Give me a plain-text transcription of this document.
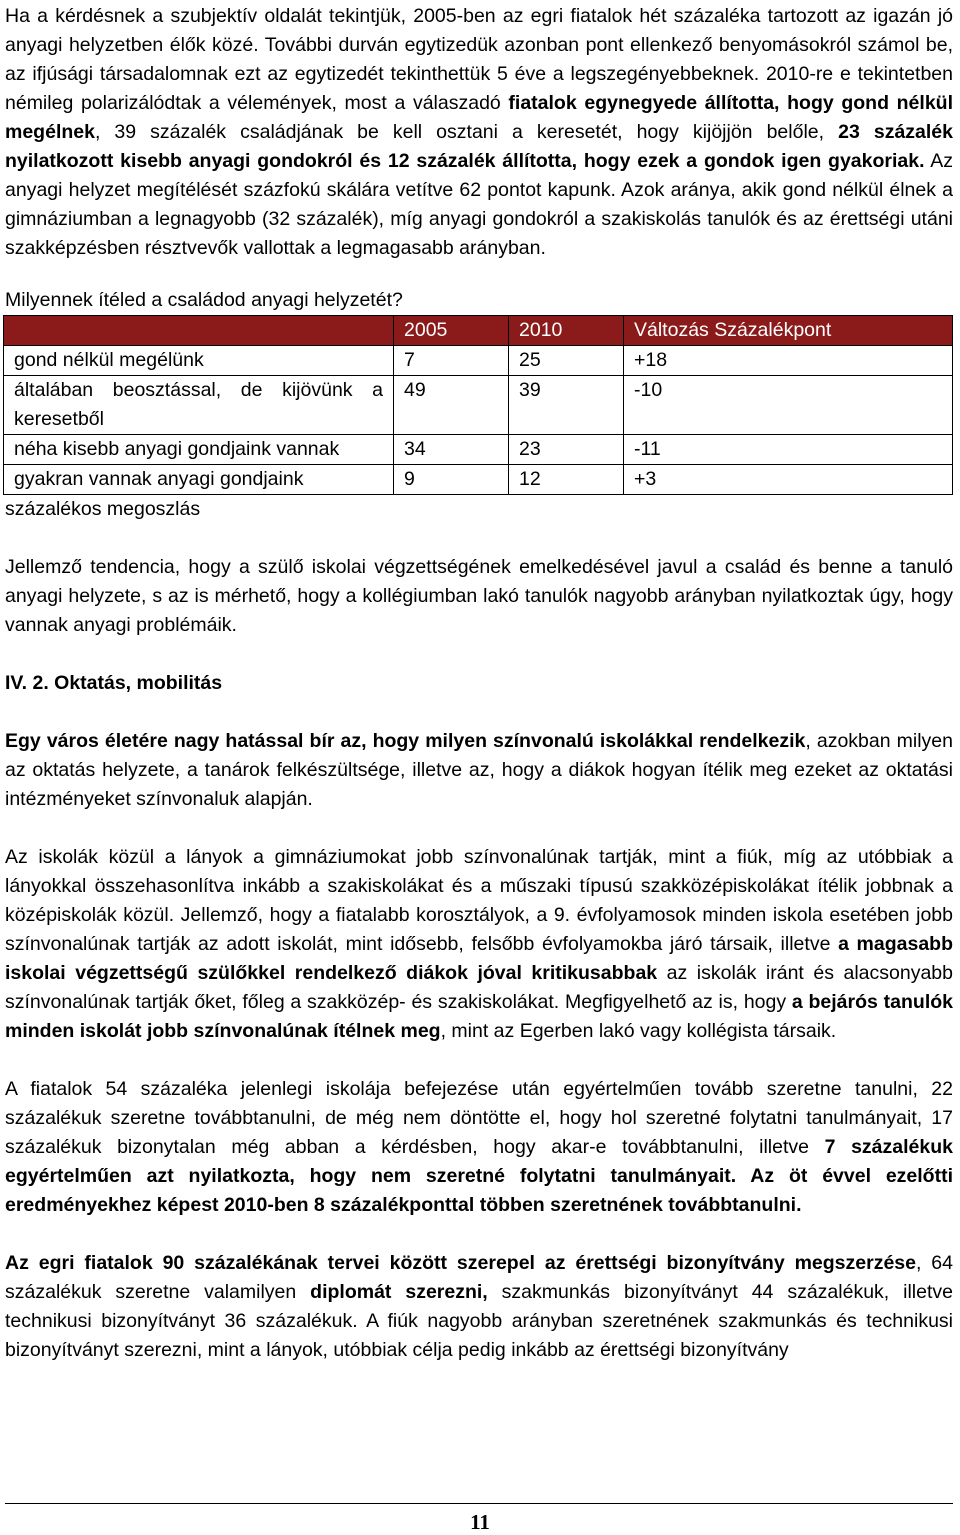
Ha a kérdésnek a szubjektív oldalát tekintjük, 2005-ben az egri fiatalok hét százaléka tartozott az igazán jó anyagi helyzetben élők közé. További durván egytizedük azonban pont ellenkező benyomásokról számol be, az ifjúsági társadalomnak ezt az egytizedét tekinthettük 5 éve a legszegényebbeknek. 2010-re e tekintetben némileg polarizálódtak a vélemények, most a válaszadó fiatalok egynegyede állította, hogy gond nélkül megélnek, 39 százalék családjának be kell osztani a keresetét, hogy kijöjjön belőle, 23 százalék nyilatkozott kisebb anyagi gondokról és 12 százalék állította, hogy ezek a gondok igen gyakoriak. Az anyagi helyzet megítélését százfokú skálára vetítve 62 pontot kapunk. Azok aránya, akik gond nélkül élnek a gimnáziumban a legnagyobb (32 százalék), míg anyagi gondokról a szakiskolás tanulók és az érettségi utáni szakképzésben résztvevők vallottak a legmagasabb arányban.

Milyennek ítéled a családod anyagi helyzetét?
	2005	2010	Változás Százalékpont
gond nélkül megélünk	7	25	+18
általában beosztással, de kijövünk a keresetből	49	39	-10
néha kisebb anyagi gondjaink vannak	34	23	-11
gyakran vannak anyagi gondjaink	9	12	+3
százalékos megoszlás

Jellemző tendencia, hogy a szülő iskolai végzettségének emelkedésével javul a család és benne a tanuló anyagi helyzete, s az is mérhető, hogy a kollégiumban lakó tanulók nagyobb arányban nyilatkoztak úgy, hogy vannak anyagi problémáik.

IV. 2. Oktatás, mobilitás

Egy város életére nagy hatással bír az, hogy milyen színvonalú iskolákkal rendelkezik, azokban milyen az oktatás helyzete, a tanárok felkészültsége, illetve az, hogy a diákok hogyan ítélik meg ezeket az oktatási intézményeket színvonaluk alapján.

Az iskolák közül a lányok a gimnáziumokat jobb színvonalúnak tartják, mint a fiúk, míg az utóbbiak a lányokkal összehasonlítva inkább a szakiskolákat és a műszaki típusú szakközépiskolákat ítélik jobbnak a középiskolák közül. Jellemző, hogy a fiatalabb korosztályok, a 9. évfolyamosok minden iskola esetében jobb színvonalúnak tartják az adott iskolát, mint idősebb, felsőbb évfolyamokba járó társaik, illetve a magasabb iskolai végzettségű szülőkkel rendelkező diákok jóval kritikusabbak az iskolák iránt és alacsonyabb színvonalúnak tartják őket, főleg a szakközép- és szakiskolákat. Megfigyelhető az is, hogy a bejárós tanulók minden iskolát jobb színvonalúnak ítélnek meg, mint az Egerben lakó vagy kollégista társaik.

A fiatalok 54 százaléka jelenlegi iskolája befejezése után egyértelműen tovább szeretne tanulni, 22 százalékuk szeretne továbbtanulni, de még nem döntötte el, hogy hol szeretné folytatni tanulmányait, 17 százalékuk bizonytalan még abban a kérdésben, hogy akar-e továbbtanulni, illetve 7 százalékuk egyértelműen azt nyilatkozta, hogy nem szeretné folytatni tanulmányait. Az öt évvel ezelőtti eredményekhez képest 2010-ben 8 százalékponttal többen szeretnének továbbtanulni.

Az egri fiatalok 90 százalékának tervei között szerepel az érettségi bizonyítvány megszerzése, 64 százalékuk szeretne valamilyen diplomát szerezni, szakmunkás bizonyítványt 44 százalékuk, illetve technikusi bizonyítványt 36 százalékuk. A fiúk nagyobb arányban szeretnének szakmunkás és technikusi bizonyítványt szerezni, mint a lányok, utóbbiak célja pedig inkább az érettségi bizonyítvány

11
